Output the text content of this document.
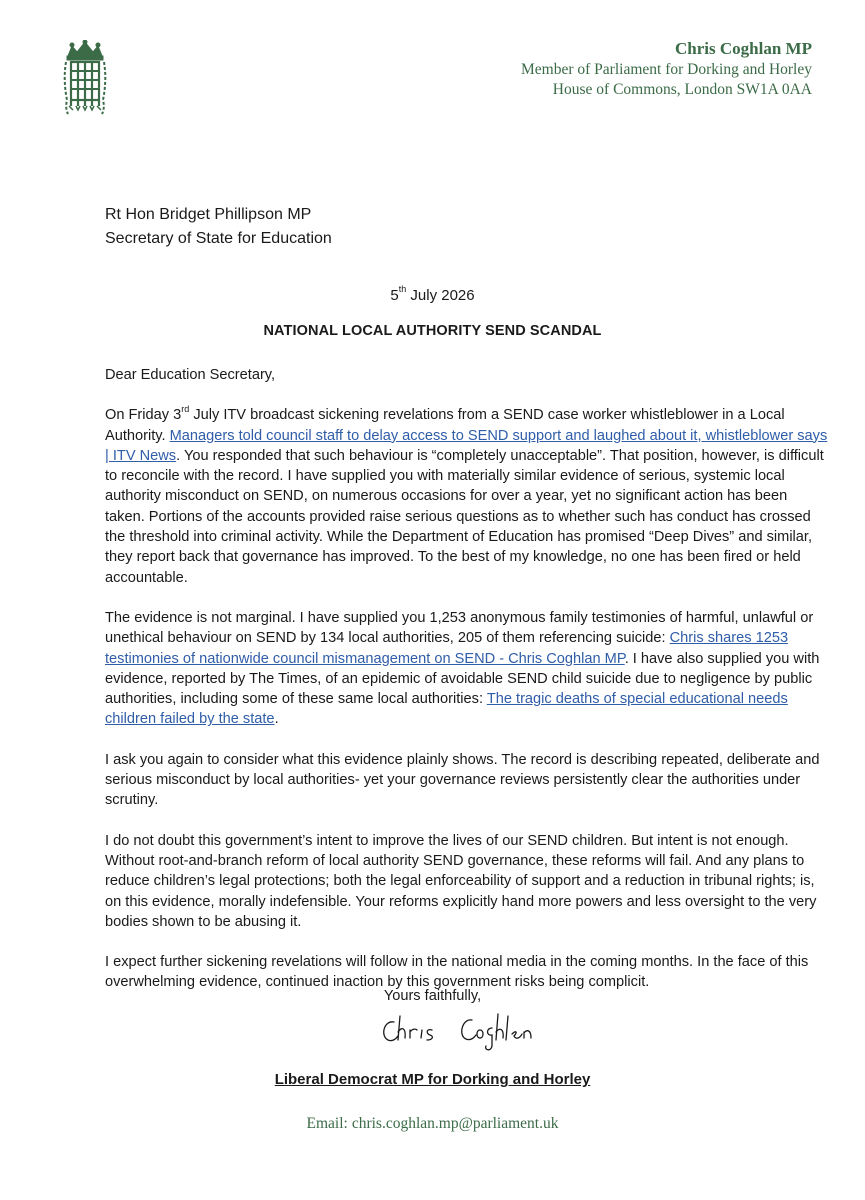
Chris Coghlan MP
Member of Parliament for Dorking and Horley
House of Commons, London SW1A 0AA
Rt Hon Bridget Phillipson MP
Secretary of State for Education
5th July 2026
NATIONAL LOCAL AUTHORITY SEND SCANDAL

Dear Education Secretary,

On Friday 3rd July ITV broadcast sickening revelations from a SEND case worker whistleblower in a Local Authority. Managers told council staff to delay access to SEND support and laughed about it, whistleblower says | ITV News. You responded that such behaviour is “completely unacceptable”. That position, however, is difficult to reconcile with the record. I have supplied you with materially similar evidence of serious, systemic local authority misconduct on SEND, on numerous occasions for over a year, yet no significant action has been taken. Portions of the accounts provided raise serious questions as to whether such has conduct has crossed the threshold into criminal activity. While the Department of Education has promised “Deep Dives” and similar, they report back that governance has improved. To the best of my knowledge, no one has been fired or held accountable.

The evidence is not marginal. I have supplied you 1,253 anonymous family testimonies of harmful, unlawful or unethical behaviour on SEND by 134 local authorities, 205 of them referencing suicide: Chris shares 1253 testimonies of nationwide council mismanagement on SEND - Chris Coghlan MP. I have also supplied you with evidence, reported by The Times, of an epidemic of avoidable SEND child suicide due to negligence by public authorities, including some of these same local authorities: The tragic deaths of special educational needs children failed by the state.

I ask you again to consider what this evidence plainly shows. The record is describing repeated, deliberate and serious misconduct by local authorities- yet your governance reviews persistently clear the authorities under scrutiny.

I do not doubt this government’s intent to improve the lives of our SEND children. But intent is not enough. Without root-and-branch reform of local authority SEND governance, these reforms will fail. And any plans to reduce children’s legal protections; both the legal enforceability of support and a reduction in tribunal rights; is, on this evidence, morally indefensible. Your reforms explicitly hand more powers and less oversight to the very bodies shown to be abusing it.

I expect further sickening revelations will follow in the national media in the coming months. In the face of this overwhelming evidence, continued inaction by this government risks being complicit.

Yours faithfully,
Liberal Democrat MP for Dorking and Horley
Email: chris.coghlan.mp@parliament.uk
